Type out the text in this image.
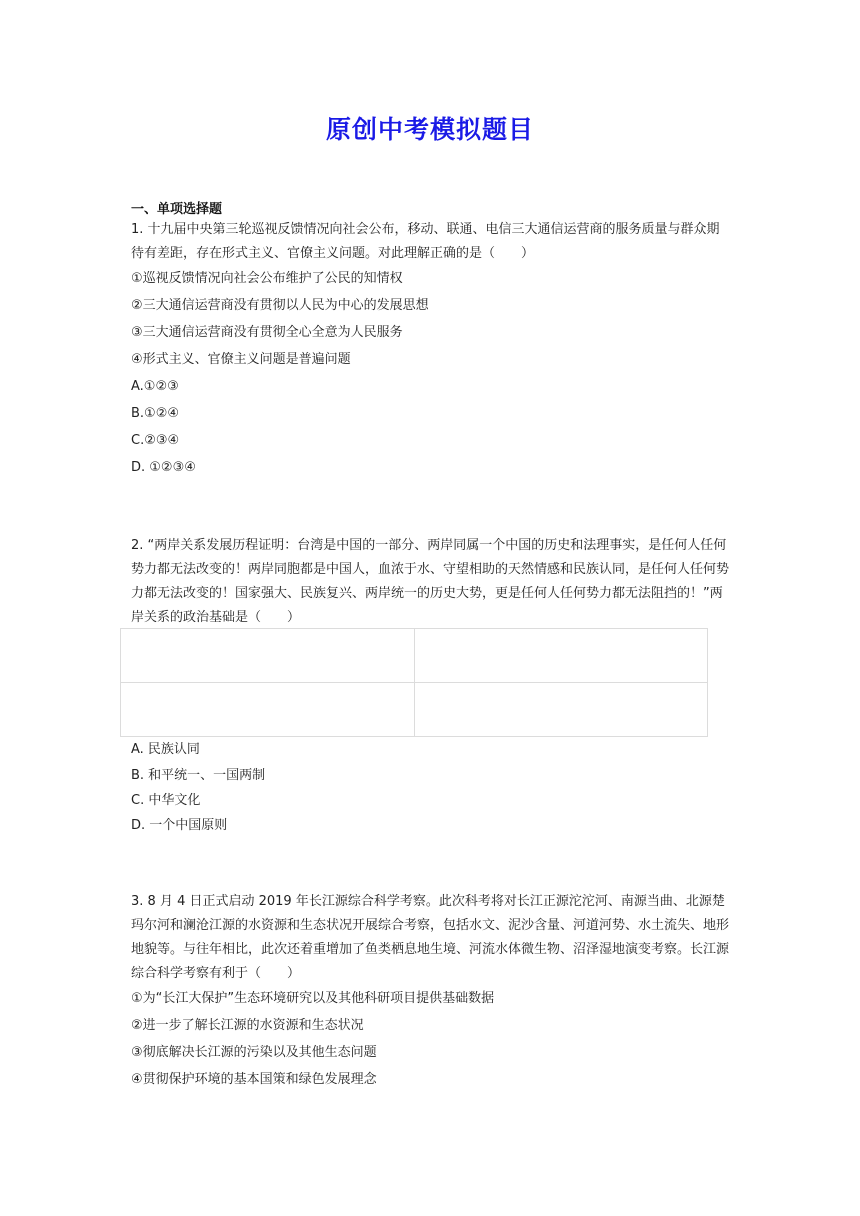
原创中考模拟题目
一、单项选择题

1. 十九届中央第三轮巡视反馈情况向社会公布，移动、联通、电信三大通信运营商的服务质量与群众期待有差距，存在形式主义、官僚主义问题。对此理解正确的是（　　）

①巡视反馈情况向社会公布维护了公民的知情权

②三大通信运营商没有贯彻以人民为中心的发展思想

③三大通信运营商没有贯彻全心全意为人民服务

④形式主义、官僚主义问题是普遍问题

A.①②③

B.①②④

C.②③④

D. ①②③④

2. “两岸关系发展历程证明：台湾是中国的一部分、两岸同属一个中国的历史和法理事实，是任何人任何势力都无法改变的！两岸同胞都是中国人，血浓于水、守望相助的天然情感和民族认同，是任何人任何势力都无法改变的！国家强大、民族复兴、两岸统一的历史大势，更是任何人任何势力都无法阻挡的！”两岸关系的政治基础是（　　）

A. 民族认同

B. 和平统一、一国两制

C. 中华文化

D. 一个中国原则

3. 8 月 4 日正式启动 2019 年长江源综合科学考察。此次科考将对长江正源沱沱河、南源当曲、北源楚玛尔河和澜沧江源的水资源和生态状况开展综合考察，包括水文、泥沙含量、河道河势、水土流失、地形地貌等。与往年相比，此次还着重增加了鱼类栖息地生境、河流水体微生物、沼泽湿地演变考察。长江源综合科学考察有利于（　　）

①为“长江大保护”生态环境研究以及其他科研项目提供基础数据

②进一步了解长江源的水资源和生态状况

③彻底解决长江源的污染以及其他生态问题

④贯彻保护环境的基本国策和绿色发展理念
